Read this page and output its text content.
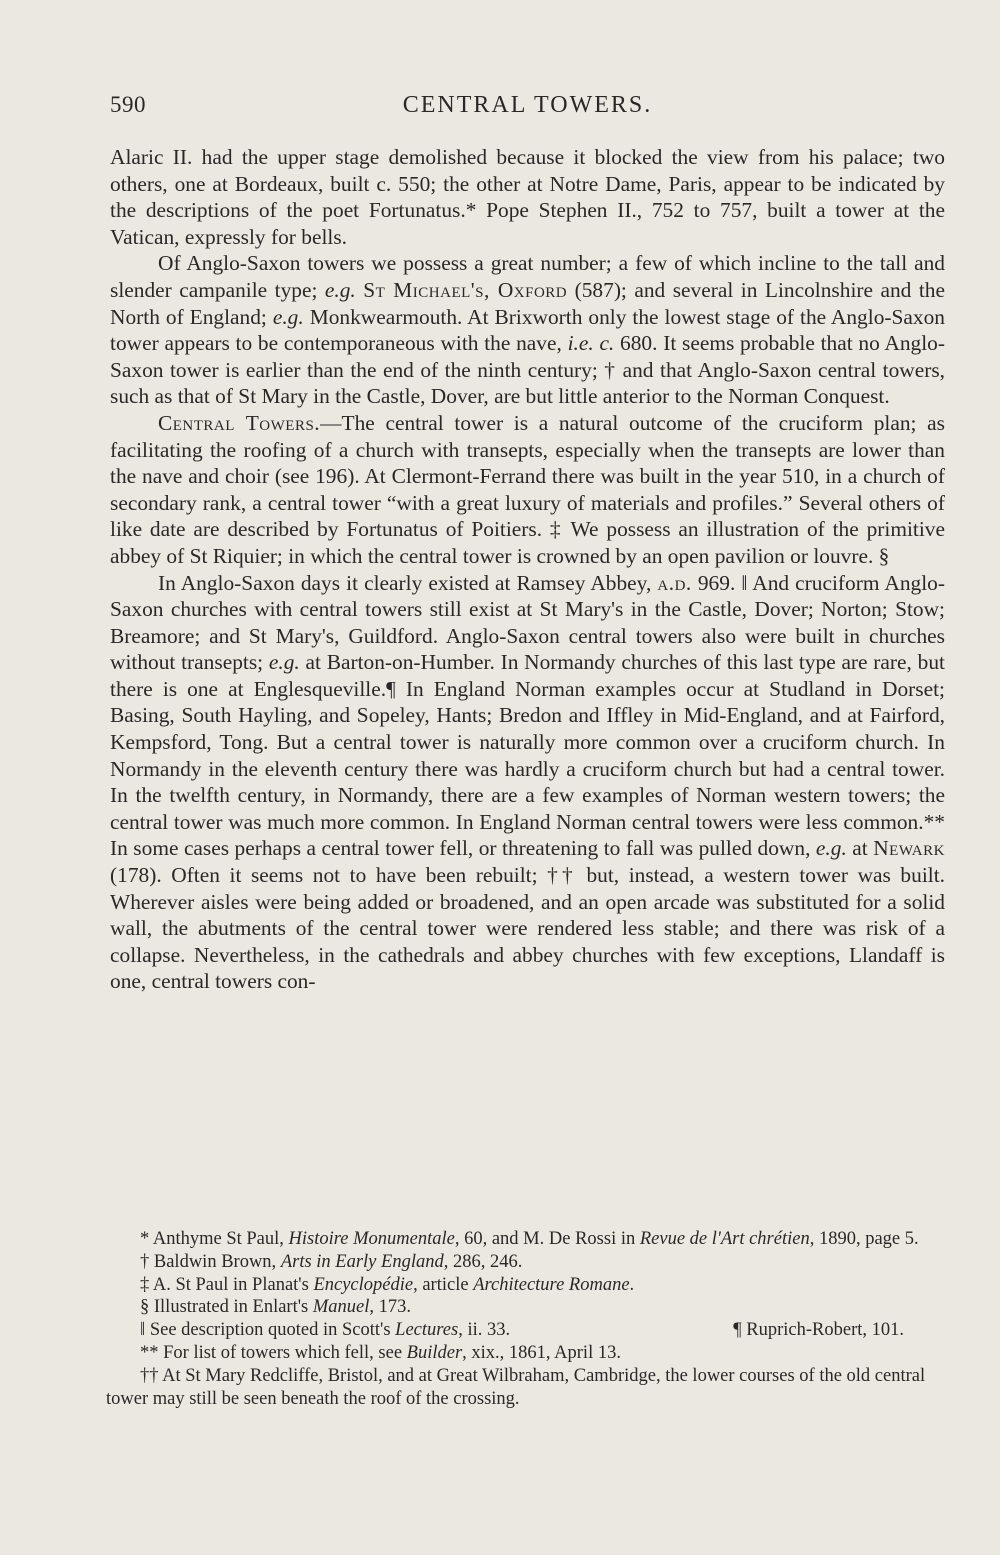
590	CENTRAL TOWERS.

Alaric II. had the upper stage demolished because it blocked the view from his palace; two others, one at Bordeaux, built c. 550; the other at Notre Dame, Paris, appear to be indicated by the descriptions of the poet Fortunatus.* Pope Stephen II., 752 to 757, built a tower at the Vatican, expressly for bells.

Of Anglo-Saxon towers we possess a great number; a few of which incline to the tall and slender campanile type; e.g. St Michael's, Oxford (587); and several in Lincolnshire and the North of England; e.g. Monkwearmouth. At Brixworth only the lowest stage of the Anglo-Saxon tower appears to be contemporaneous with the nave, i.e. c. 680. It seems probable that no Anglo-Saxon tower is earlier than the end of the ninth century; † and that Anglo-Saxon central towers, such as that of St Mary in the Castle, Dover, are but little anterior to the Norman Conquest.

Central Towers.—The central tower is a natural outcome of the cruciform plan; as facilitating the roofing of a church with transepts, especially when the transepts are lower than the nave and choir (see 196). At Clermont-Ferrand there was built in the year 510, in a church of secondary rank, a central tower “with a great luxury of materials and profiles.” Several others of like date are described by Fortunatus of Poitiers. ‡ We possess an illustration of the primitive abbey of St Riquier; in which the central tower is crowned by an open pavilion or louvre. §

In Anglo-Saxon days it clearly existed at Ramsey Abbey, a.d. 969. ‖ And cruciform Anglo-Saxon churches with central towers still exist at St Mary's in the Castle, Dover; Norton; Stow; Breamore; and St Mary's, Guildford. Anglo-Saxon central towers also were built in churches without transepts; e.g. at Barton-on-Humber. In Normandy churches of this last type are rare, but there is one at Englesqueville.¶ In England Norman examples occur at Studland in Dorset; Basing, South Hayling, and Sopeley, Hants; Bredon and Iffley in Mid-England, and at Fairford, Kempsford, Tong. But a central tower is naturally more common over a cruciform church. In Normandy in the eleventh century there was hardly a cruciform church but had a central tower. In the twelfth century, in Normandy, there are a few examples of Norman western towers; the central tower was much more common. In England Norman central towers were less common.** In some cases perhaps a central tower fell, or threatening to fall was pulled down, e.g. at Newark (178). Often it seems not to have been rebuilt; †† but, instead, a western tower was built. Wherever aisles were being added or broadened, and an open arcade was substituted for a solid wall, the abutments of the central tower were rendered less stable; and there was risk of a collapse. Nevertheless, in the cathedrals and abbey churches with few exceptions, Llandaff is one, central towers con-

* Anthyme St Paul, Histoire Monumentale, 60, and M. De Rossi in Revue de l'Art chrétien, 1890, page 5.

† Baldwin Brown, Arts in Early England, 286, 246.

‡ A. St Paul in Planat's Encyclopédie, article Architecture Romane.

§ Illustrated in Enlart's Manuel, 173.

‖ See description quoted in Scott's Lectures, ii. 33.	¶ Ruprich-Robert, 101.

** For list of towers which fell, see Builder, xix., 1861, April 13.

†† At St Mary Redcliffe, Bristol, and at Great Wilbraham, Cambridge, the lower courses of the old central tower may still be seen beneath the roof of the crossing.
